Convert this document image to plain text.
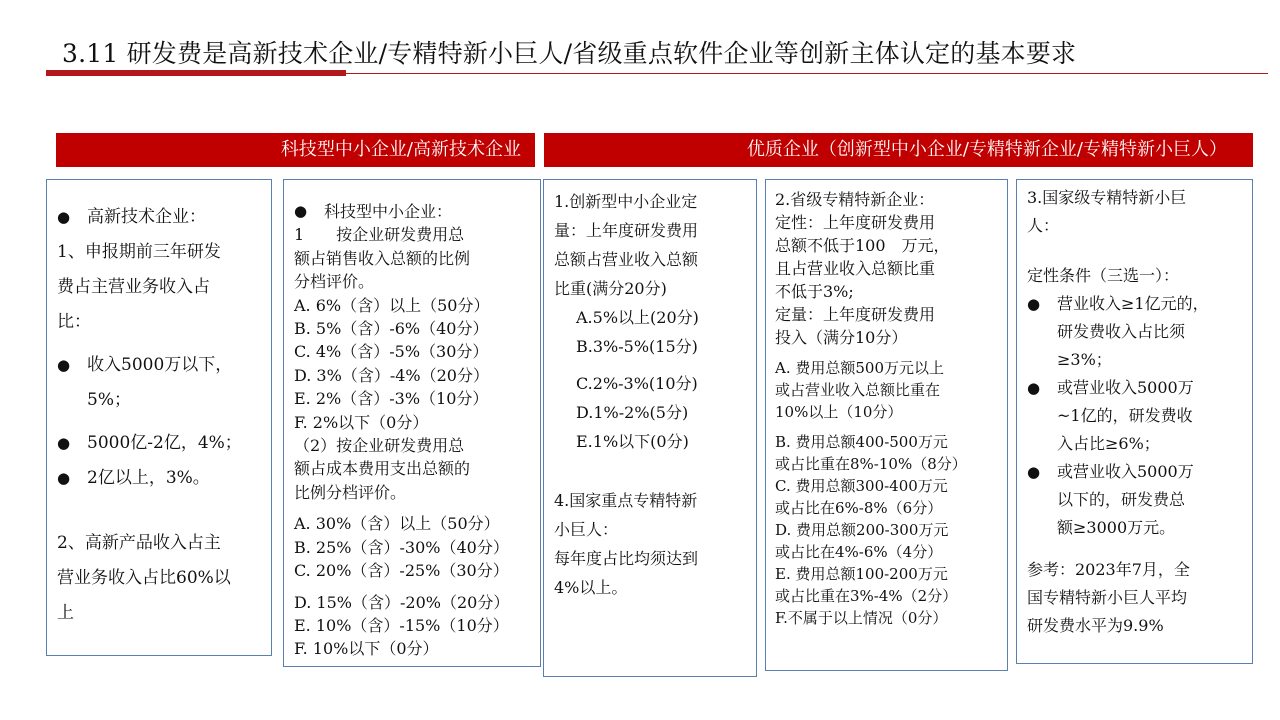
3.11 研发费是高新技术企业/专精特新小巨人/省级重点软件企业等创新主体认定的基本要求
科技型中小企业/高新技术企业	优质企业（创新型中小企业/专精特新企业/专精特新小巨人）
● 高新技术企业：
1、申报期前三年研发
费占主营业务收入占
比：
● 收入5000万以下，
5%；
● 5000亿-2亿，4%；
● 2亿以上，3%。
2、高新产品收入占主
营业务收入占比60%以
上
●	科技型中小企业：
1　　按企业研发费用总
额占销售收入总额的比例
分档评价。
A. 6%（含）以上（50分）
B. 5%（含）-6%（40分）
C. 4%（含）-5%（30分）
D. 3%（含）-4%（20分）
E. 2%（含）-3%（10分）
F. 2%以下（0分）
（2）按企业研发费用总
额占成本费用支出总额的
比例分档评价。
A. 30%（含）以上（50分）
B. 25%（含）-30%（40分）
C. 20%（含）-25%（30分）
D. 15%（含）-20%（20分）
E. 10%（含）-15%（10分）
F. 10%以下（0分）
1.创新型中小企业定
量：上年度研发费用
总额占营业收入总额
比重(满分20分)
A.5%以上(20分)
B.3%-5%(15分)
C.2%-3%(10分)
D.1%-2%(5分)
E.1%以下(0分)
4.国家重点专精特新
小巨人：
每年度占比均须达到
4%以上。
2.省级专精特新企业：
定性：上年度研发费用
总额不低于100　万元，
且占营业收入总额比重
不低于3%;
定量：上年度研发费用
投入（满分10分）
A. 费用总额500万元以上
或占营业收入总额比重在
10%以上（10分）
B. 费用总额400-500万元
或占比重在8%-10%（8分）
C. 费用总额300-400万元
或占比在6%-8%（6分）
D. 费用总额200-300万元
或占比在4%-6%（4分）
E. 费用总额100-200万元
或占比重在3%-4%（2分）
F.不属于以上情况（0分）
3.国家级专精特新小巨
人：
定性条件（三选一）：
●	营业收入≥1亿元的，
研发费收入占比须
≥3%；
●	或营业收入5000万
~1亿的，研发费收
入占比≥6%；
●	或营业收入5000万
以下的，研发费总
额≥3000万元。
参考：2023年7月，全
国专精特新小巨人平均
研发费水平为9.9%
